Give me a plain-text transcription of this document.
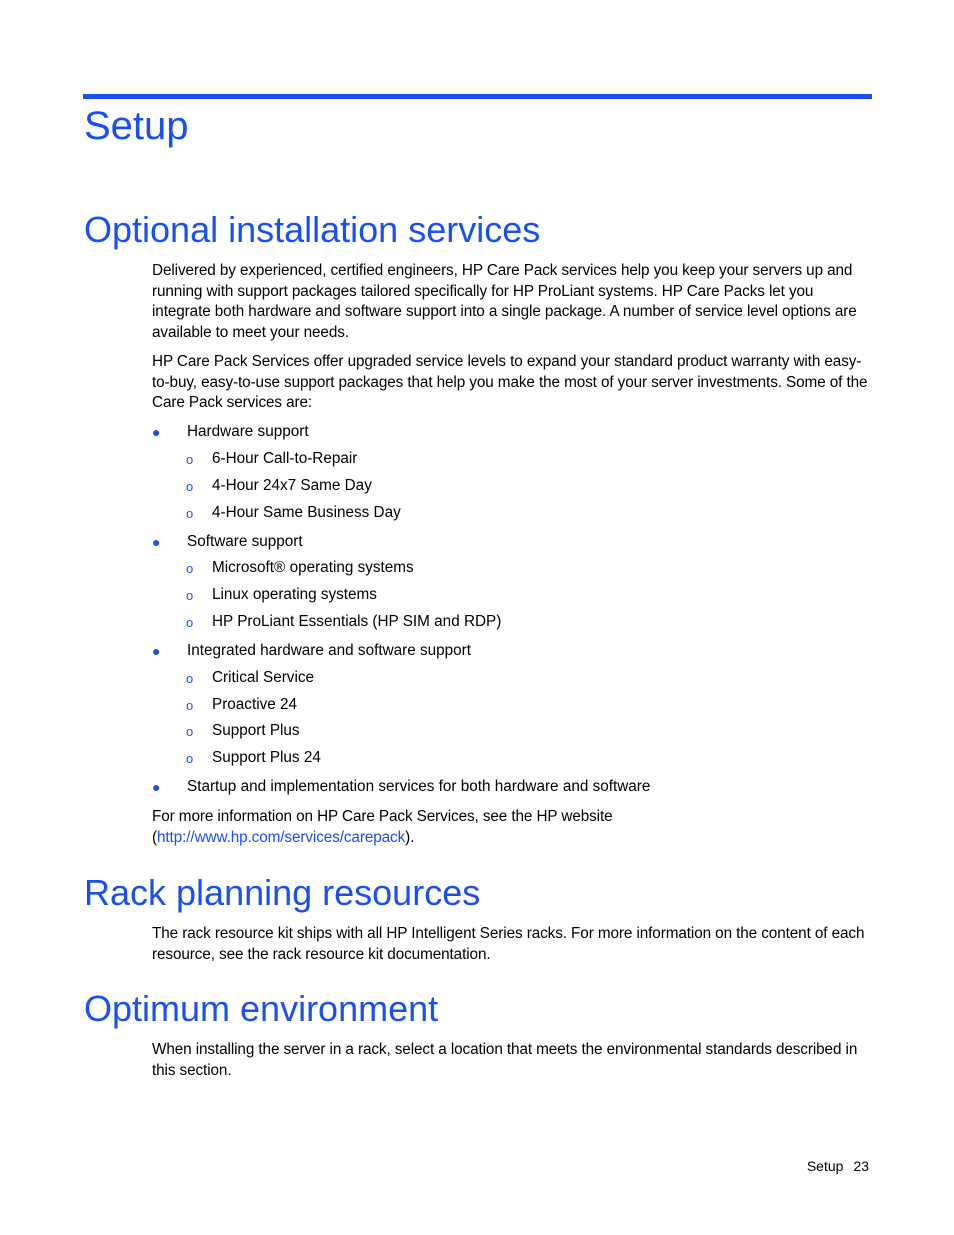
Setup
Optional installation services

Delivered by experienced, certified engineers, HP Care Pack services help you keep your servers up and running with support packages tailored specifically for HP ProLiant systems. HP Care Packs let you integrate both hardware and software support into a single package. A number of service level options are available to meet your needs.

HP Care Pack Services offer upgraded service levels to expand your standard product warranty with easy-to-buy, easy-to-use support packages that help you make the most of your server investments. Some of the Care Pack services are:

● Hardware support
o 6-Hour Call-to-Repair
o 4-Hour 24x7 Same Day
o 4-Hour Same Business Day
● Software support
o Microsoft® operating systems
o Linux operating systems
o HP ProLiant Essentials (HP SIM and RDP)
● Integrated hardware and software support
o Critical Service
o Proactive 24
o Support Plus
o Support Plus 24
● Startup and implementation services for both hardware and software

For more information on HP Care Pack Services, see the HP website
(http://www.hp.com/services/carepack).

Rack planning resources

The rack resource kit ships with all HP Intelligent Series racks. For more information on the content of each resource, see the rack resource kit documentation.

Optimum environment

When installing the server in a rack, select a location that meets the environmental standards described in this section.

Setup 23
